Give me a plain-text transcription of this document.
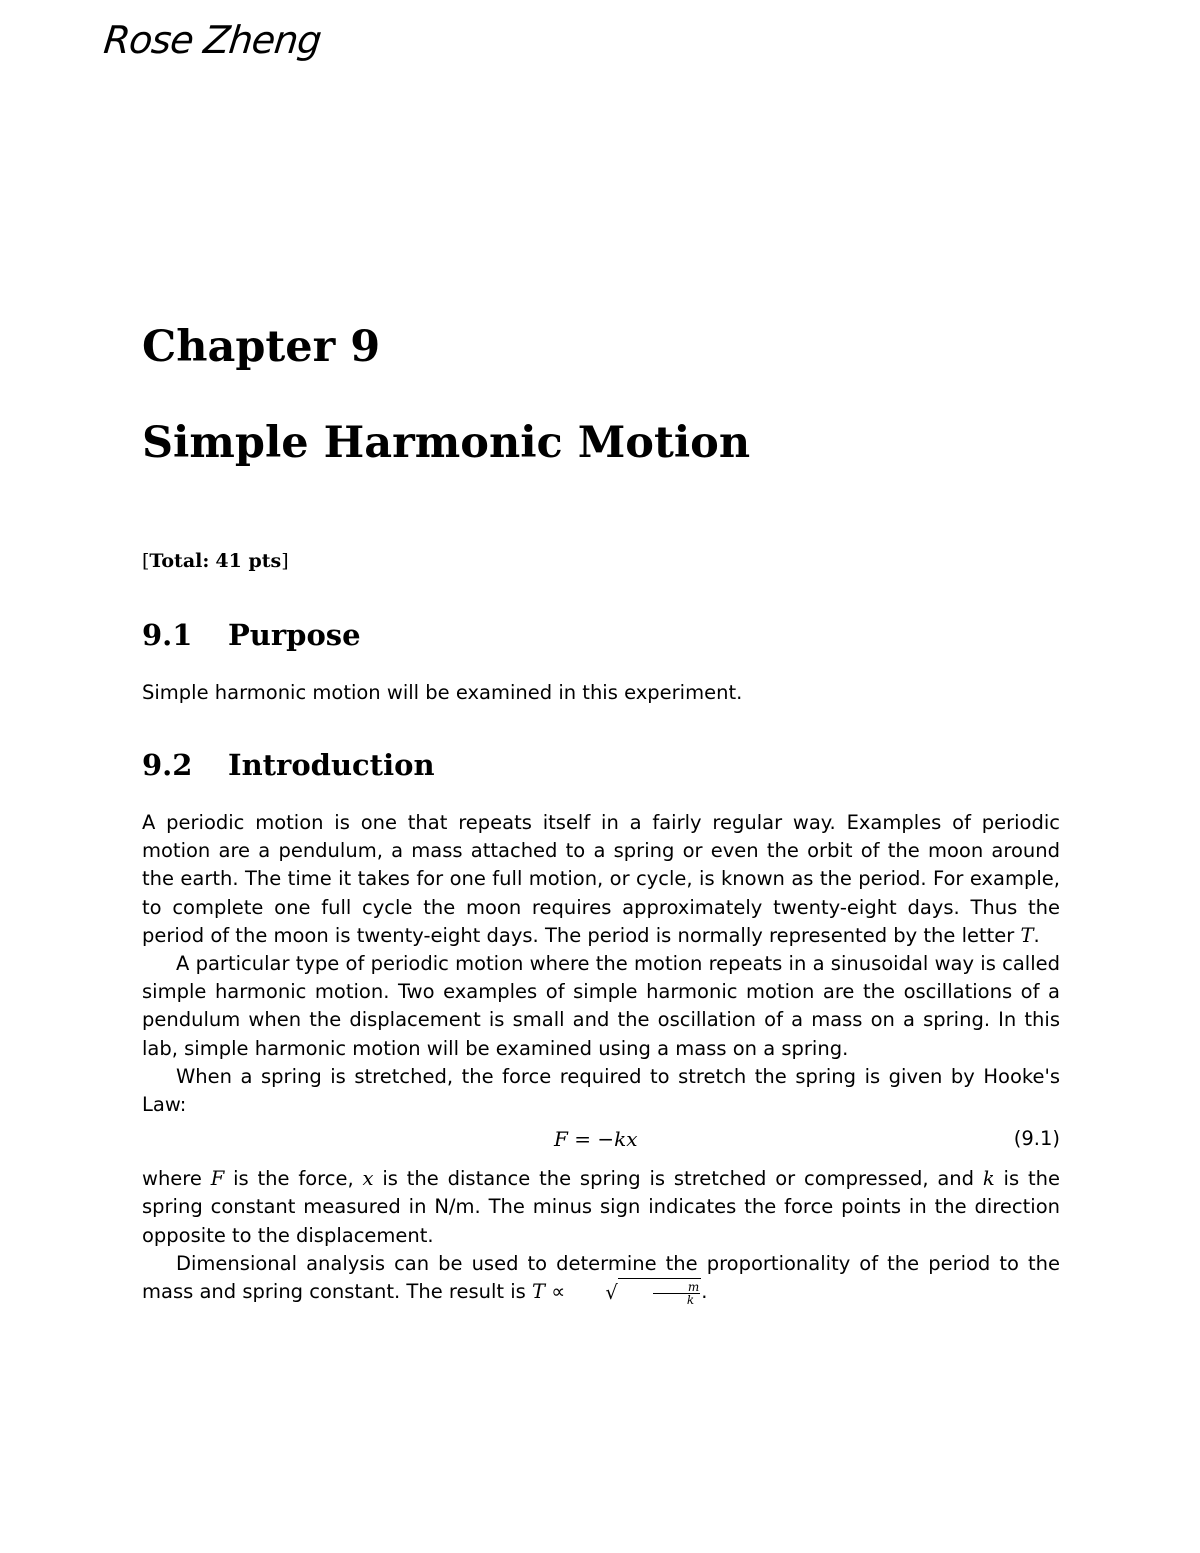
Rose Zheng
Chapter 9
Simple Harmonic Motion
[Total: 41 pts]
9.1 Purpose

Simple harmonic motion will be examined in this experiment.

9.2 Introduction

A periodic motion is one that repeats itself in a fairly regular way. Examples of periodic motion are a pendulum, a mass attached to a spring or even the orbit of the moon around the earth. The time it takes for one full motion, or cycle, is known as the period. For example, to complete one full cycle the moon requires approximately twenty-eight days. Thus the period of the moon is twenty-eight days. The period is normally represented by the letter T.

A particular type of periodic motion where the motion repeats in a sinusoidal way is called simple harmonic motion. Two examples of simple harmonic motion are the oscillations of a pendulum when the displacement is small and the oscillation of a mass on a spring. In this lab, simple harmonic motion will be examined using a mass on a spring.

When a spring is stretched, the force required to stretch the spring is given by Hooke's Law:

F = −kx	(9.1)

where F is the force, x is the distance the spring is stretched or compressed, and k is the spring constant measured in N/m. The minus sign indicates the force points in the direction opposite to the displacement.

Dimensional analysis can be used to determine the proportionality of the period to the mass and spring constant. The result is T ∝ √	$\frac{m}{k}$ .
